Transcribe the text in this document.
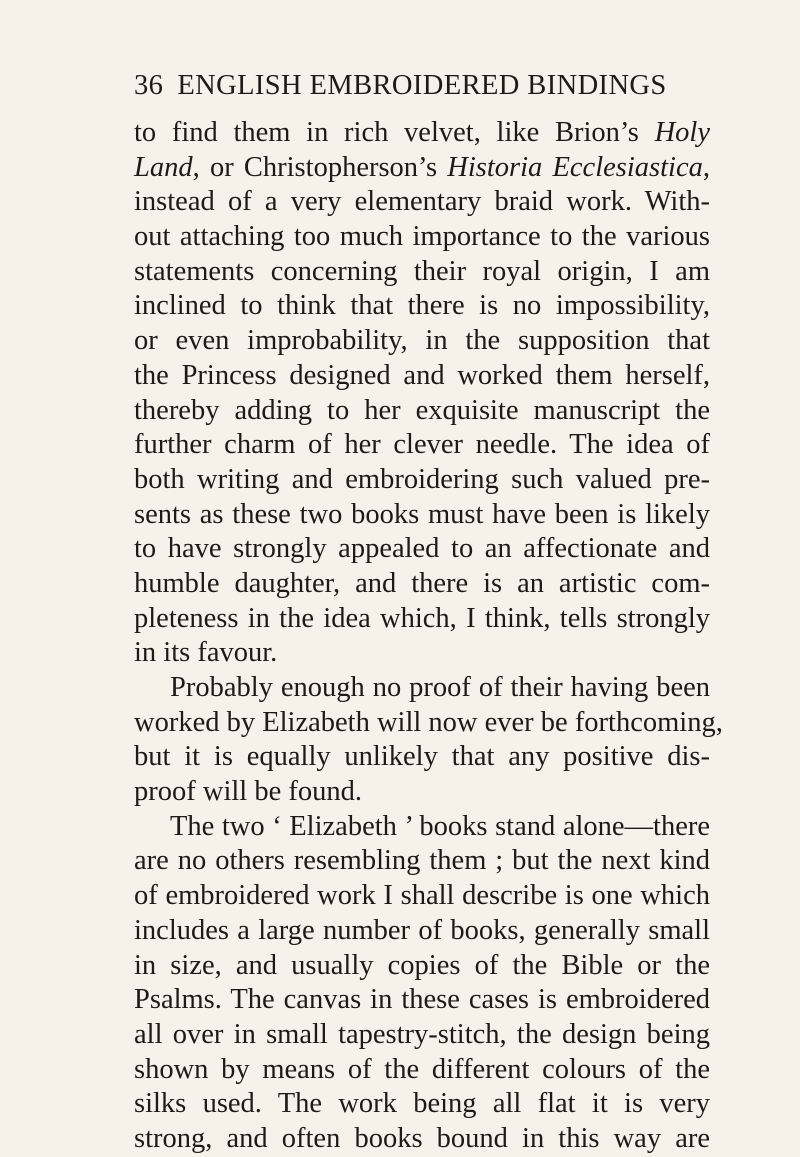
36 ENGLISH EMBROIDERED BINDINGS
to find them in rich velvet, like Brion’s Holy
Land, or Christopherson’s Historia Ecclesiastica,
instead of a very elementary braid work. With-
out attaching too much importance to the various
statements concerning their royal origin, I am
inclined to think that there is no impossibility,
or even improbability, in the supposition that
the Princess designed and worked them herself,
thereby adding to her exquisite manuscript the
further charm of her clever needle. The idea of
both writing and embroidering such valued pre-
sents as these two books must have been is likely
to have strongly appealed to an affectionate and
humble daughter, and there is an artistic com-
pleteness in the idea which, I think, tells strongly
in its favour.
Probably enough no proof of their having been
worked by Elizabeth will now ever be forthcoming,
but it is equally unlikely that any positive dis-
proof will be found.
The two ‘ Elizabeth ’ books stand alone—there
are no others resembling them ; but the next kind
of embroidered work I shall describe is one which
includes a large number of books, generally small
in size, and usually copies of the Bible or the
Psalms. The canvas in these cases is embroidered
all over in small tapestry-stitch, the design being
shown by means of the different colours of the
silks used. The work being all flat it is very
strong, and often books bound in this way are
